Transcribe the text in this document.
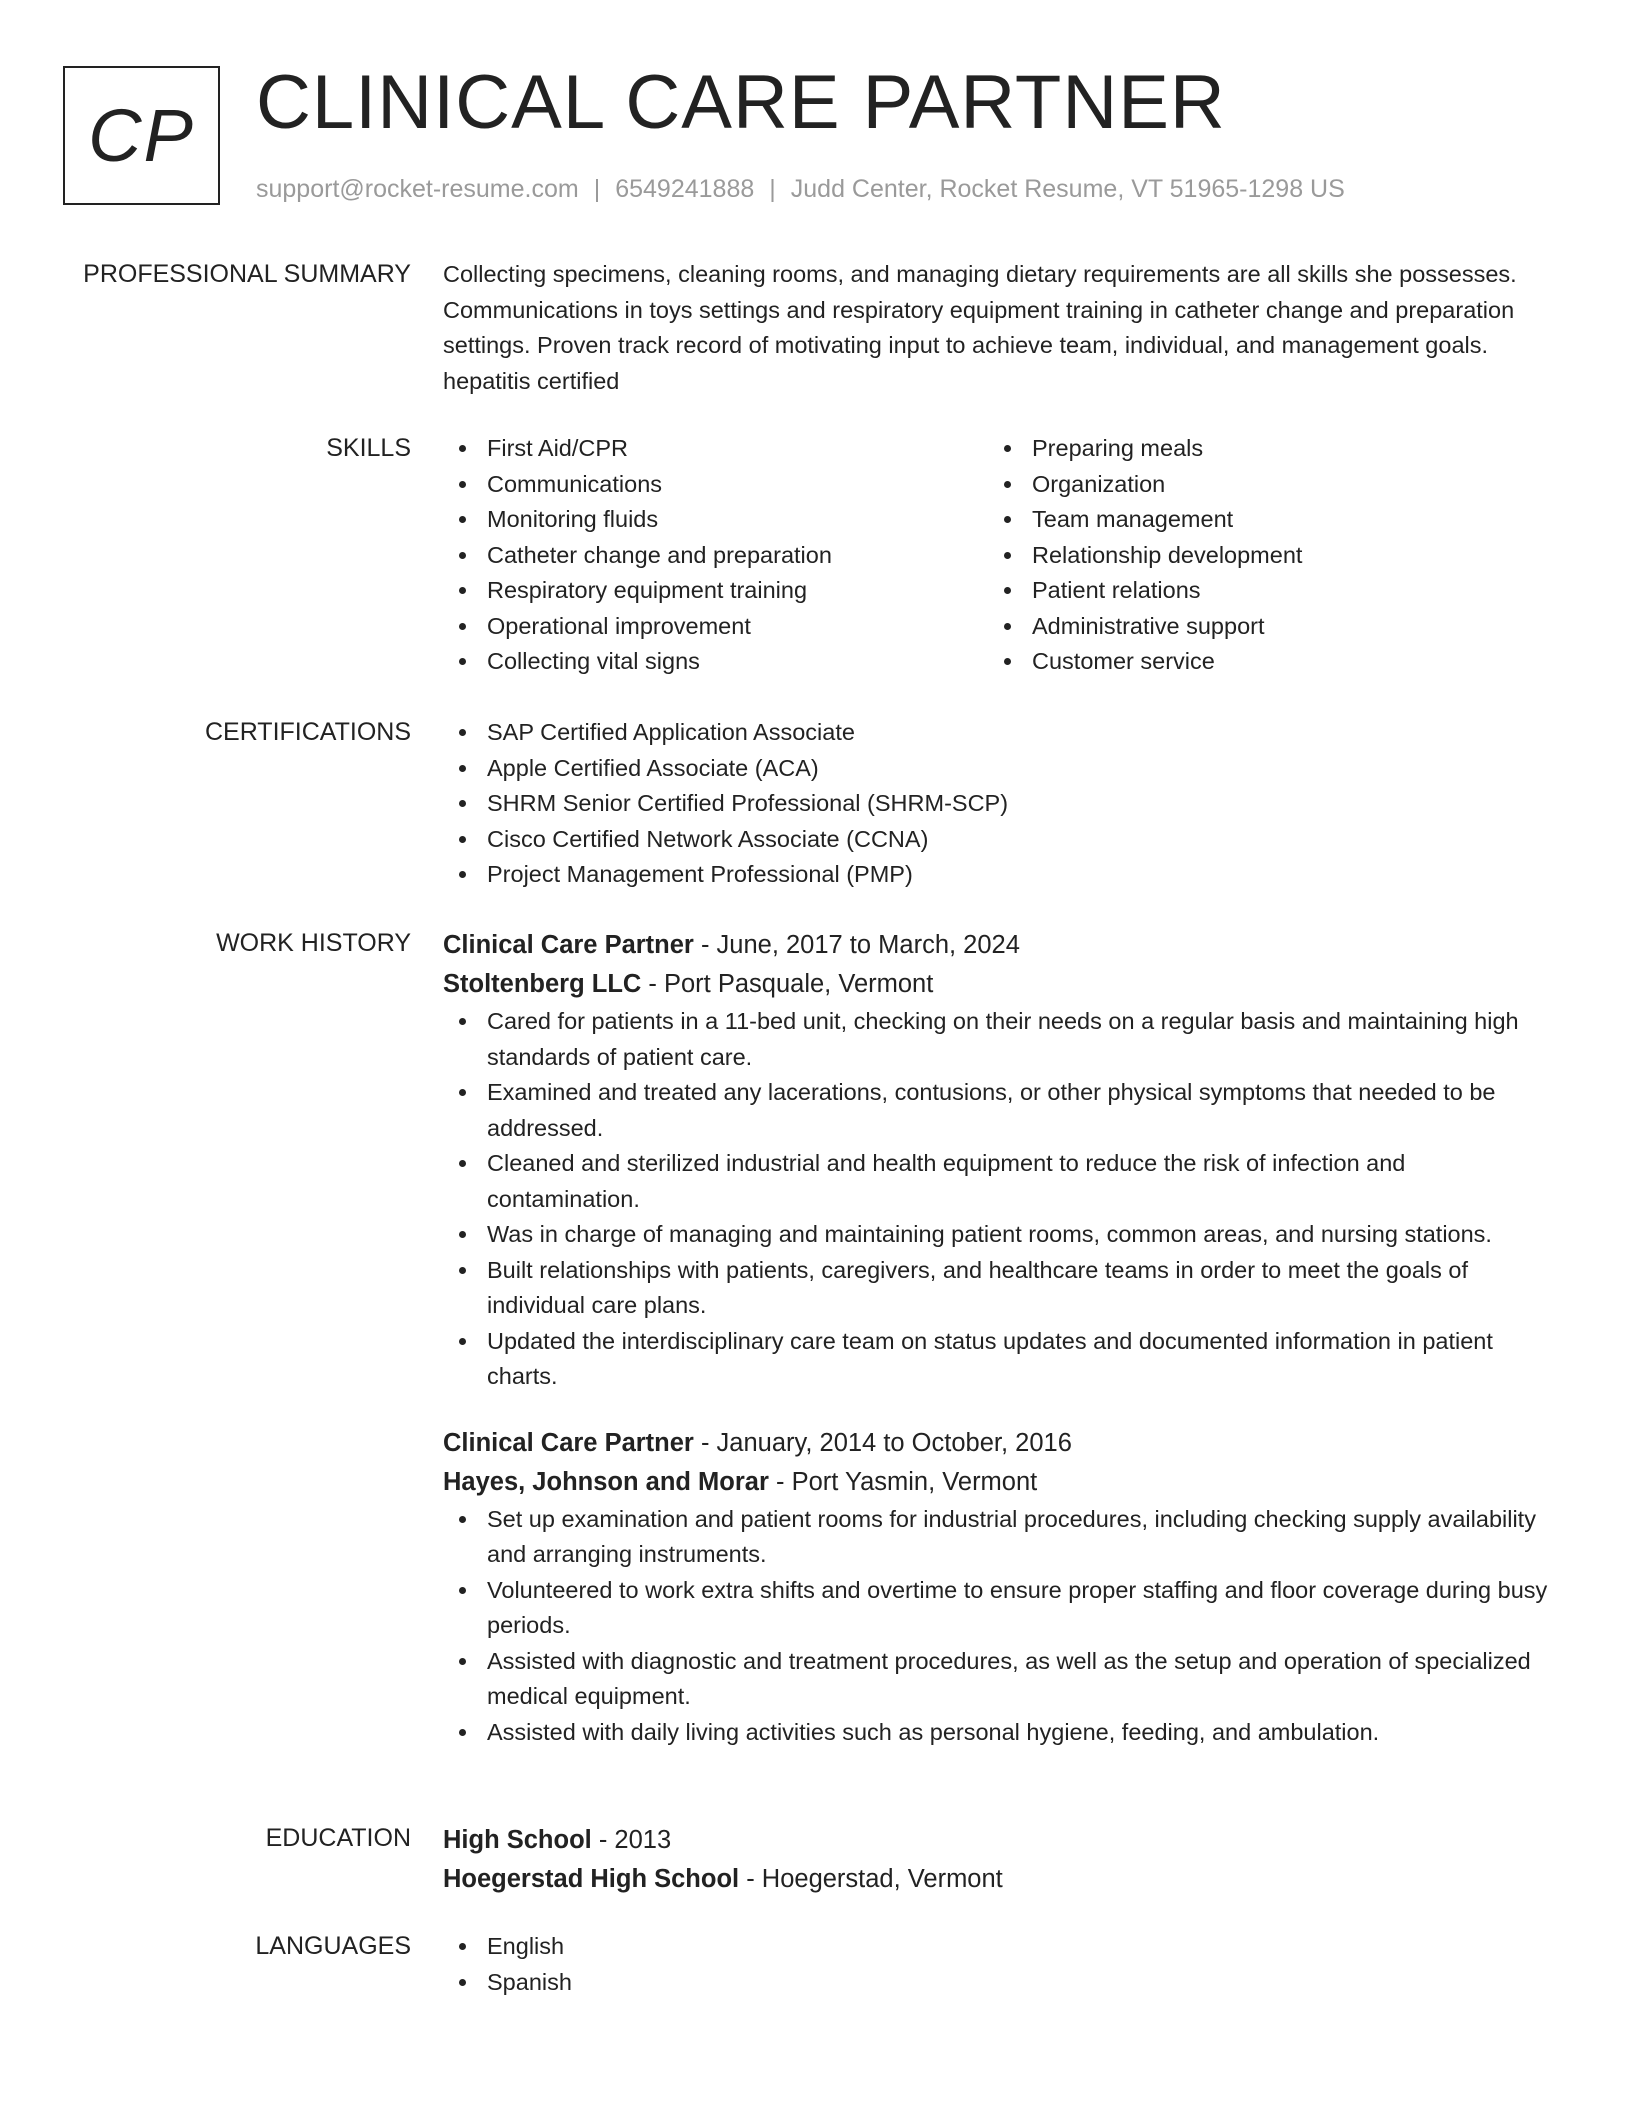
CP CLINICAL CARE PARTNER
support@rocket-resume.com | 6549241888 | Judd Center, Rocket Resume, VT 51965-1298 US
PROFESSIONAL SUMMARY Collecting specimens, cleaning rooms, and managing dietary requirements are all skills she possesses. Communications in toys settings and respiratory equipment training in catheter change and preparation settings. Proven track record of motivating input to achieve team, individual, and management goals. hepatitis certified

SKILLS	First Aid/CPR
Communications
Monitoring fluids
Catheter change and preparation
Respiratory equipment training
Operational improvement
Collecting vital signs
Preparing meals
Organization
Team management
Relationship development
Patient relations
Administrative support
Customer service
CERTIFICATIONS	SAP Certified Application Associate
Apple Certified Associate (ACA)
SHRM Senior Certified Professional (SHRM-SCP)
Cisco Certified Network Associate (CCNA)
Project Management Professional (PMP)
WORK HISTORY Clinical Care Partner - June, 2017 to March, 2024
Stoltenberg LLC - Port Pasquale, Vermont
Cared for patients in a 11-bed unit, checking on their needs on a regular basis and maintaining high standards of patient care.
Examined and treated any lacerations, contusions, or other physical symptoms that needed to be addressed.
Cleaned and sterilized industrial and health equipment to reduce the risk of infection and contamination.
Was in charge of managing and maintaining patient rooms, common areas, and nursing stations.
Built relationships with patients, caregivers, and healthcare teams in order to meet the goals of individual care plans.
Updated the interdisciplinary care team on status updates and documented information in patient charts.
Clinical Care Partner - January, 2014 to October, 2016
Hayes, Johnson and Morar - Port Yasmin, Vermont
Set up examination and patient rooms for industrial procedures, including checking supply availability and arranging instruments.
Volunteered to work extra shifts and overtime to ensure proper staffing and floor coverage during busy periods.
Assisted with diagnostic and treatment procedures, as well as the setup and operation of specialized medical equipment.
Assisted with daily living activities such as personal hygiene, feeding, and ambulation.
EDUCATION High School - 2013
Hoegerstad High School - Hoegerstad, Vermont
LANGUAGES	English
Spanish
